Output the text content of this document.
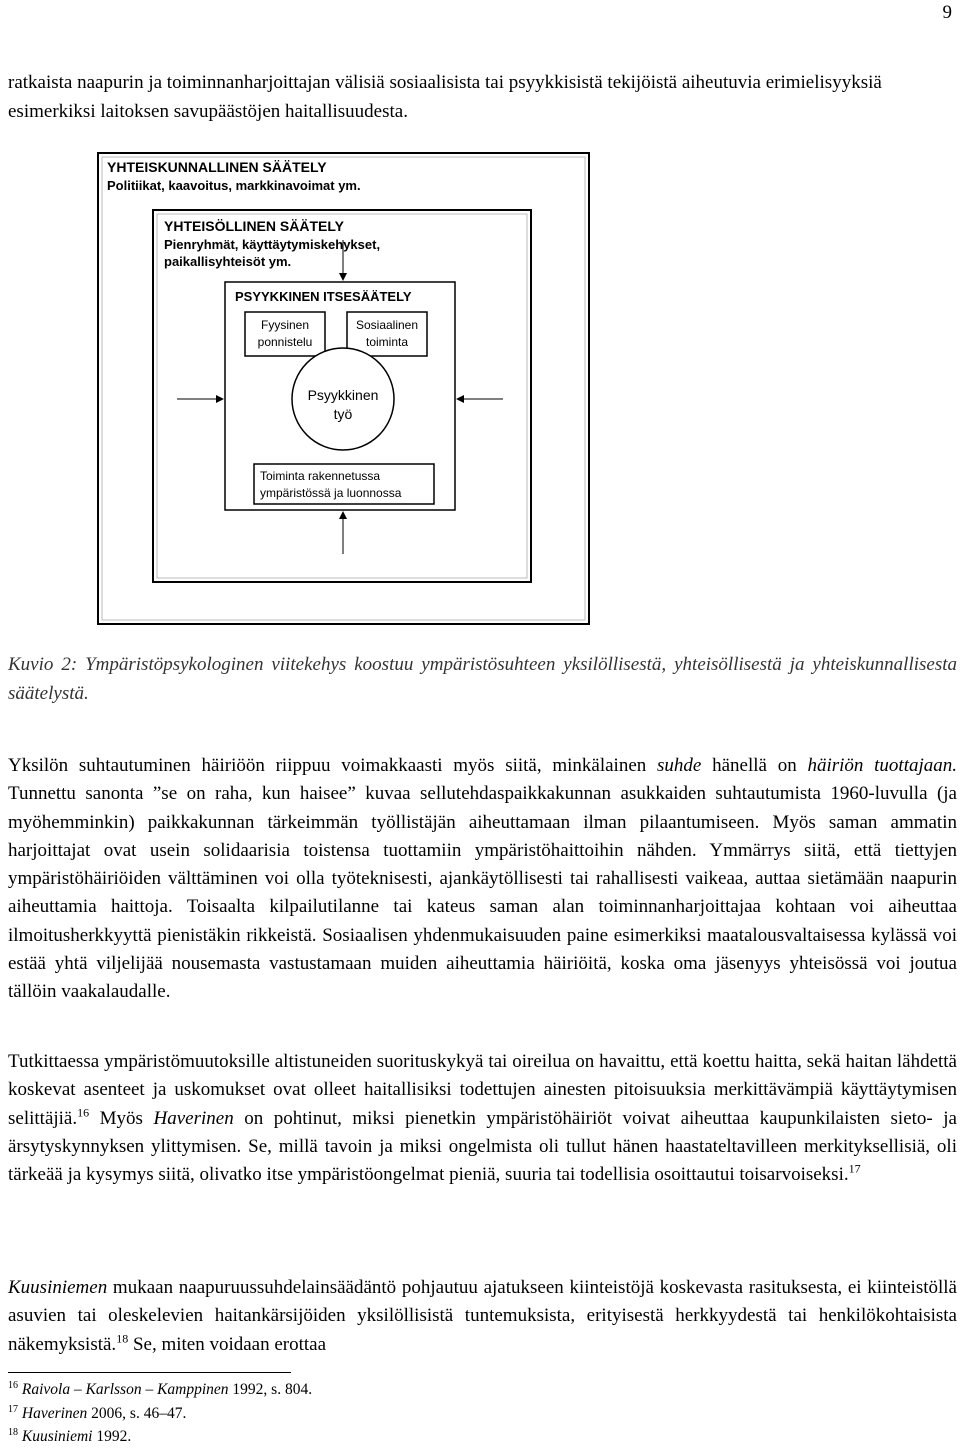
9

ratkaista naapurin ja toiminnanharjoittajan välisiä sosiaalisista tai psyykkisistä tekijöistä aiheutuvia erimielisyyksiä esimerkiksi laitoksen savupäästöjen haitallisuudesta.

YHTEISKUNNALLINEN SÄÄTELY
Politiikat, kaavoitus, markkinavoimat ym.
YHTEISÖLLINEN SÄÄTELY
Pienryhmät, käyttäytymiskehykset,
paikallisyhteisöt ym.
PSYYKKINEN ITSESÄÄTELY
Fyysinen
ponnistelu
Sosiaalinen
toiminta
Psyykkinen
työ
Toiminta rakennetussa
ympäristössä ja luonnossa

Kuvio 2: Ympäristöpsykologinen viitekehys koostuu ympäristösuhteen yksilöllisestä, yhteisöllisestä ja yhteiskunnallisesta säätelystä.

Yksilön suhtautuminen häiriöön riippuu voimakkaasti myös siitä, minkälainen suhde hänellä on häiriön tuottajaan. Tunnettu sanonta ”se on raha, kun haisee” kuvaa sellutehdaspaikkakunnan asukkaiden suhtautumista 1960-luvulla (ja myöhemminkin) paikkakunnan tärkeimmän työllistäjän aiheuttamaan ilman pilaantumiseen. Myös saman ammatin harjoittajat ovat usein solidaarisia toistensa tuottamiin ympäristöhaittoihin nähden. Ymmärrys siitä, että tiettyjen ympäristöhäiriöiden välttäminen voi olla työteknisesti, ajankäytöllisesti tai rahallisesti vaikeaa, auttaa sietämään naapurin aiheuttamia haittoja. Toisaalta kilpailutilanne tai kateus saman alan toiminnanharjoittajaa kohtaan voi aiheuttaa ilmoitusherkkyyttä pienistäkin rikkeistä. Sosiaalisen yhdenmukaisuuden paine esimerkiksi maatalousvaltaisessa kylässä voi estää yhtä viljelijää nousemasta vastustamaan muiden aiheuttamia häiriöitä, koska oma jäsenyys yhteisössä voi joutua tällöin vaakalaudalle.

Tutkittaessa ympäristömuutoksille altistuneiden suorituskykyä tai oireilua on havaittu, että koettu haitta, sekä haitan lähdettä koskevat asenteet ja uskomukset ovat olleet haitallisiksi todettujen ainesten pitoisuuksia merkittävämpiä käyttäytymisen selittäjiä.$^{16}$ Myös Haverinen on pohtinut, miksi pienetkin ympäristöhäiriöt voivat aiheuttaa kaupunkilaisten sieto- ja ärsytyskynnyksen ylittymisen. Se, millä tavoin ja miksi ongelmista oli tullut hänen haastateltavilleen merkityksellisiä, oli tärkeää ja kysymys siitä, olivatko itse ympäristöongelmat pieniä, suuria tai todellisia osoittautui toisarvoiseksi.$^{17}$

Kuusiniemen mukaan naapuruussuhdelainsäädäntö pohjautuu ajatukseen kiinteistöjä koskevasta rasituksesta, ei kiinteistöllä asuvien tai oleskelevien haitankärsijöiden yksilöllisistä tuntemuksista, erityisestä herkkyydestä tai henkilökohtaisista näkemyksistä.$^{18}$ Se, miten voidaan erottaa

$^{16}$ Raivola – Karlsson – Kamppinen 1992, s. 804.
$^{17}$ Haverinen 2006, s. 46–47.
$^{18}$ Kuusiniemi 1992.
